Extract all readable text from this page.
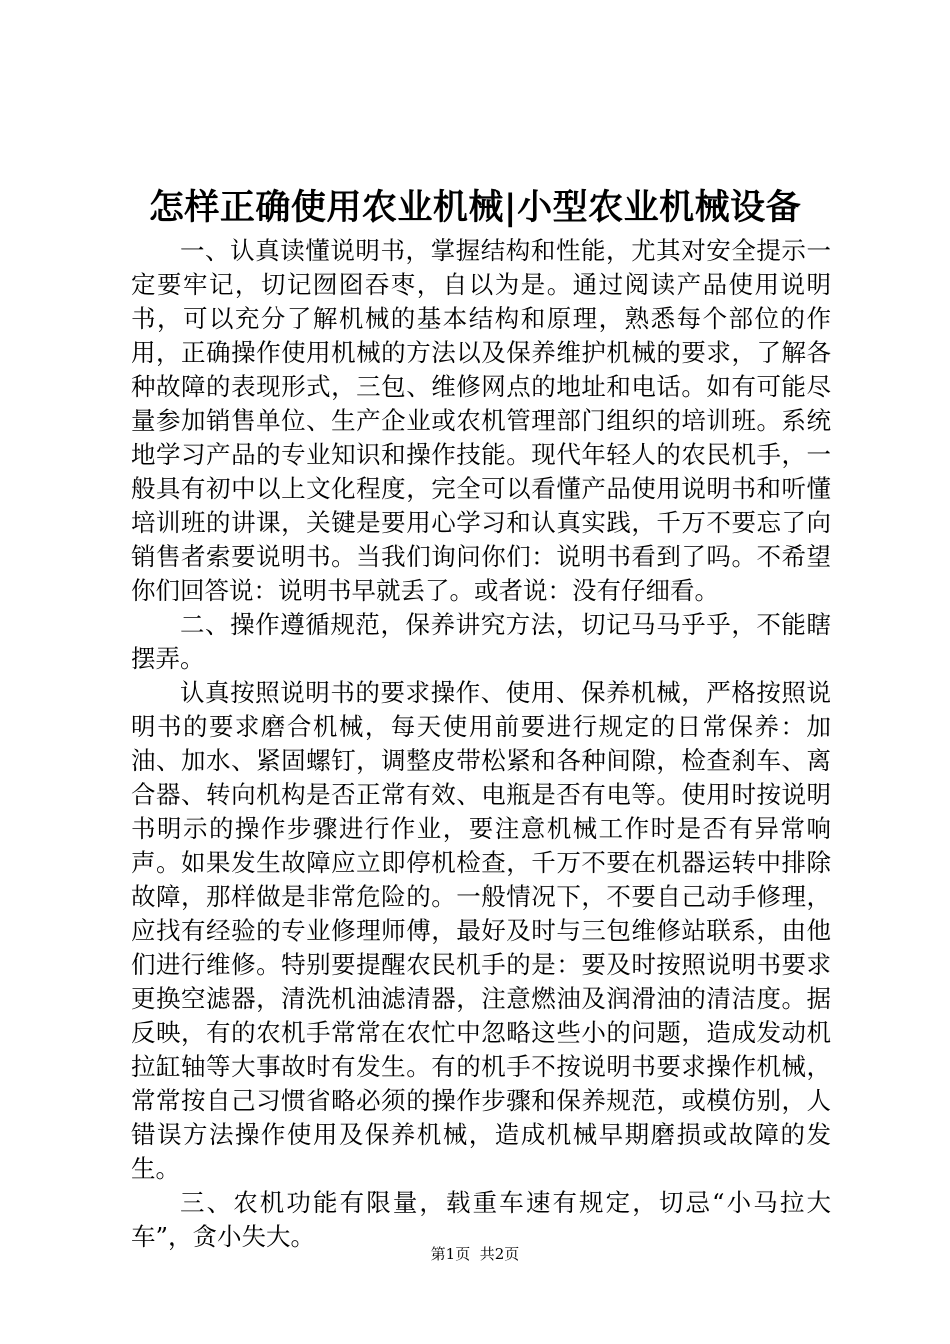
怎样正确使用农业机械|小型农业机械设备

一、认真读懂说明书，掌握结构和性能，尤其对安全提示一定要牢记，切记囫囵吞枣，自以为是。通过阅读产品使用说明书，可以充分了解机械的基本结构和原理，熟悉每个部位的作用，正确操作使用机械的方法以及保养维护机械的要求，了解各种故障的表现形式，三包、维修网点的地址和电话。如有可能尽量参加销售单位、生产企业或农机管理部门组织的培训班。系统地学习产品的专业知识和操作技能。现代年轻人的农民机手，一般具有初中以上文化程度，完全可以看懂产品使用说明书和听懂培训班的讲课，关键是要用心学习和认真实践，千万不要忘了向销售者索要说明书。当我们询问你们：说明书看到了吗。不希望你们回答说：说明书早就丢了。或者说：没有仔细看。

二、操作遵循规范，保养讲究方法，切记马马乎乎，不能瞎摆弄。

认真按照说明书的要求操作、使用、保养机械，严格按照说明书的要求磨合机械，每天使用前要进行规定的日常保养：加油、加水、紧固螺钉，调整皮带松紧和各种间隙，检查刹车、离合器、转向机构是否正常有效、电瓶是否有电等。使用时按说明书明示的操作步骤进行作业，要注意机械工作时是否有异常响声。如果发生故障应立即停机检查，千万不要在机器运转中排除故障，那样做是非常危险的。一般情况下，不要自己动手修理，应找有经验的专业修理师傅，最好及时与三包维修站联系，由他们进行维修。特别要提醒农民机手的是：要及时按照说明书要求更换空滤器，清洗机油滤清器，注意燃油及润滑油的清洁度。据反映，有的农机手常常在农忙中忽略这些小的问题，造成发动机拉缸轴等大事故时有发生。有的机手不按说明书要求操作机械，常常按自己习惯省略必须的操作步骤和保养规范，或模仿别，人错误方法操作使用及保养机械，造成机械早期磨损或故障的发生。

三、农机功能有限量，载重车速有规定，切忌“小马拉大车”，贪小失大。

第1页 共2页
